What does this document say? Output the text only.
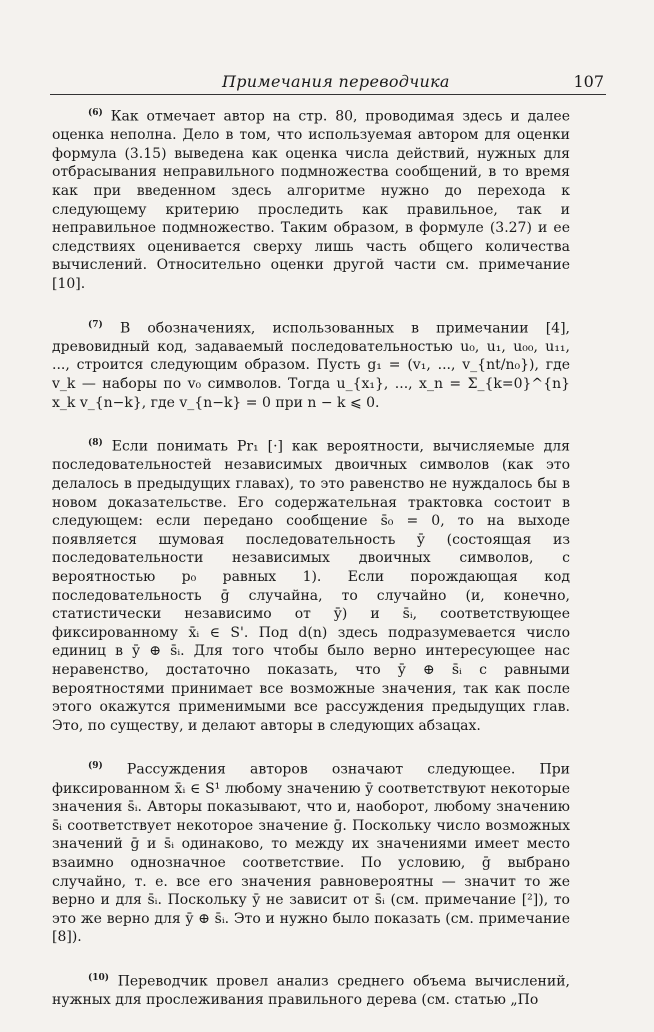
Примечания переводчика	107

$^{(6)}$ Как отмечает автор на стр. 80, проводимая здесь и далее оценка неполна. Дело в том, что используемая автором для оценки формула (3.15) выведена как оценка числа действий, нужных для отбрасывания неправильного подмножества сообщений, в то время как при введенном здесь алгоритме нужно до перехода к следующему критерию проследить как правильное, так и неправильное подмножество. Таким образом, в формуле (3.27) и ее следствиях оценивается сверху лишь часть общего количества вычислений. Относительно оценки другой части см. примечание [10].

$^{(7)}$ В обозначениях, использованных в примечании [4], древовидный код, задаваемый последовательностью u₀, u₁, u₀₀, u₁₁, ..., строится следующим образом. Пусть g₁ = (v₁, ..., v_{nt/n₀}), где v_k — наборы по v₀ символов. Тогда u_{x₁}, ..., x_n = Σ_{k=0}^{n} x_k v_{n−k}, где v_{n−k} = 0 при n − k ⩽ 0.

$^{(8)}$ Если понимать Pr₁ [·] как вероятности, вычисляемые для последовательностей независимых двоичных символов (как это делалось в предыдущих главах), то это равенство не нуждалось бы в новом доказательстве. Его содержательная трактовка состоит в следующем: если передано сообщение s̄₀ = 0, то на выходе появляется шумовая последовательность ȳ (состоящая из последовательности независимых двоичных символов, с вероятностью p₀ равных 1). Если порождающая код последовательность ḡ случайна, то случайно (и, конечно, статистически независимо от ȳ) и s̄ᵢ, соответствующее фиксированному x̄ᵢ ∈ S'. Под d(n) здесь подразумевается число единиц в ȳ ⊕ s̄ᵢ. Для того чтобы было верно интересующее нас неравенство, достаточно показать, что ȳ ⊕ s̄ᵢ с равными вероятностями принимает все возможные значения, так как после этого окажутся применимыми все рассуждения предыдущих глав. Это, по существу, и делают авторы в следующих абзацах.

$^{(9)}$ Рассуждения авторов означают следующее. При фиксированном x̄ᵢ ∈ S¹ любому значению ȳ соответствуют некоторые значения s̄ᵢ. Авторы показывают, что и, наоборот, любому значению s̄ᵢ соответствует некоторое значение ḡ. Поскольку число возможных значений ḡ и s̄ᵢ одинаково, то между их значениями имеет место взаимно однозначное соответствие. По условию, ḡ выбрано случайно, т. е. все его значения равновероятны — значит то же верно и для s̄ᵢ. Поскольку ȳ не зависит от s̄ᵢ (см. примечание [²]), то это же верно для ȳ ⊕ s̄ᵢ. Это и нужно было показать (см. примечание [8]).

$^{(10)}$ Переводчик провел анализ среднего объема вычислений, нужных для прослеживания правильного дерева (см. статью „По
